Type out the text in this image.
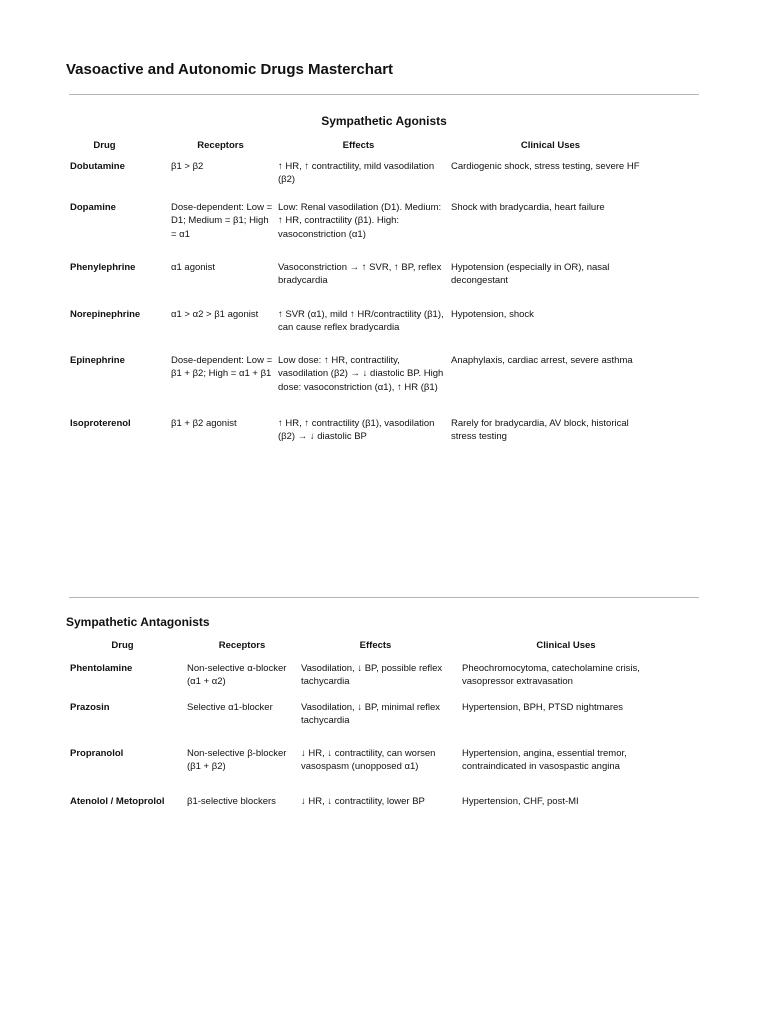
Vasoactive and Autonomic Drugs Masterchart
Sympathetic Agonists
Drug	Receptors	Effects	Clinical Uses

Dobutamine	β1 > β2	↑ HR, ↑ contractility, mild vasodilation (β2)	Cardiogenic shock, stress testing, severe HF

Dopamine	Dose-dependent: Low = D1; Medium = β1; High = α1	Low: Renal vasodilation (D1). Medium: ↑ HR, contractility (β1). High: vasoconstriction (α1)	Shock with bradycardia, heart failure

Phenylephrine	α1 agonist	Vasoconstriction → ↑ SVR, ↑ BP, reflex bradycardia	Hypotension (especially in OR), nasal decongestant

Norepinephrine	α1 > α2 > β1 agonist	↑ SVR (α1), mild ↑ HR/contractility (β1), can cause reflex bradycardia	Hypotension, shock

Epinephrine	Dose-dependent: Low = β1 + β2; High = α1 + β1	Low dose: ↑ HR, contractility, vasodilation (β2) → ↓ diastolic BP. High dose: vasoconstriction (α1), ↑ HR (β1)	Anaphylaxis, cardiac arrest, severe asthma

Isoproterenol	β1 + β2 agonist	↑ HR, ↑ contractility (β1), vasodilation (β2) → ↓ diastolic BP	Rarely for bradycardia, AV block, historical stress testing
Sympathetic Antagonists
Drug	Receptors	Effects	Clinical Uses

Phentolamine	Non-selective α-blocker (α1 + α2)	Vasodilation, ↓ BP, possible reflex tachycardia	Pheochromocytoma, catecholamine crisis, vasopressor extravasation

Prazosin	Selective α1-blocker	Vasodilation, ↓ BP, minimal reflex tachycardia	Hypertension, BPH, PTSD nightmares

Propranolol	Non-selective β-blocker (β1 + β2)	↓ HR, ↓ contractility, can worsen vasospasm (unopposed α1)	Hypertension, angina, essential tremor, contraindicated in vasospastic angina

Atenolol / Metoprolol	β1-selective blockers	↓ HR, ↓ contractility, lower BP	Hypertension, CHF, post-MI
